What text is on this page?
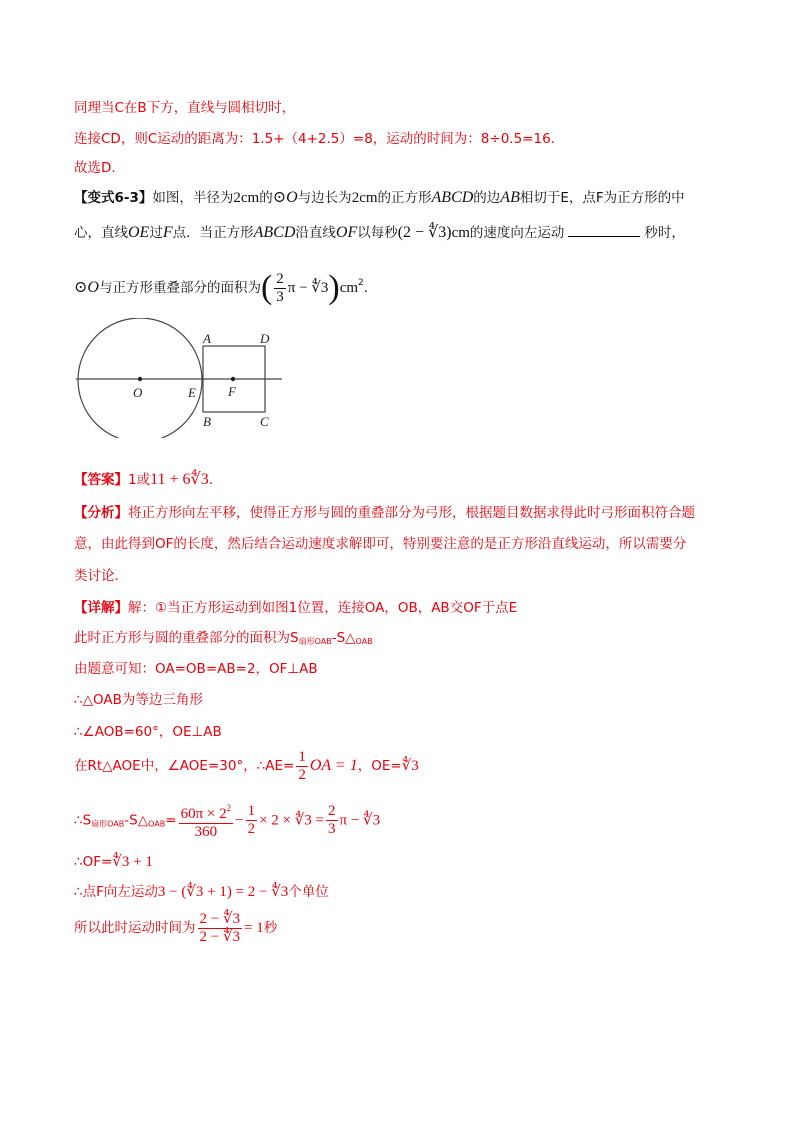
同理当C在B下方，直线与圆相切时，
连接CD，则C运动的距离为：1.5+（4+2.5）=8，运动的时间为：8÷0.5=16.
故选D.
【变式6-3】如图，半径为2cm的⊙O与边长为2cm的正方形ABCD的边AB相切于E，点F为正方形的中
心，直线OE过F点．当正方形ABCD沿直线OF以每秒(2 − ∜3)cm的速度向左运动	秒时，
⊙O与正方形重叠部分的面积为( $\frac{2}{3}$ $\pi - ∜3)cm^2$.
A	D
B	C
E F
O
【答案】1或11 + 6∜3.
【分析】将正方形向左平移，使得正方形与圆的重叠部分为弓形，根据题目数据求得此时弓形面积符合题
意，由此得到OF的长度，然后结合运动速度求解即可，特别要注意的是正方形沿直线运动，所以需要分
类讨论．
【详解】解：①当正方形运动到如图1位置，连接OA，OB，AB交OF于点E
此时正方形与圆的重叠部分的面积为$S_{扇形OAB}-S\triangle_{OAB}$
由题意可知：OA=OB=AB=2，OF⊥AB
∴△OAB为等边三角形
∴∠AOB=60°，OE⊥AB
在Rt△AOE中，∠AOE=30°，∴AE= $\frac{1}{2}$ OA = 1，OE=∜3
$\therefore S_{扇形OAB}-S\triangle_{OAB}= \frac{60\pi \times 2^2}{360} - \frac{1}{2} \times 2$ × ∜3 = $\frac{2}{3}$ π − ∜3
∴OF=∜3 + 1
∴点F向左运动3 − (∜3 + 1) = 2 − ∜3个单位
所以此时运动时间为 $\frac{2 - ∜3}{2 - ∜3} = 1$秒
